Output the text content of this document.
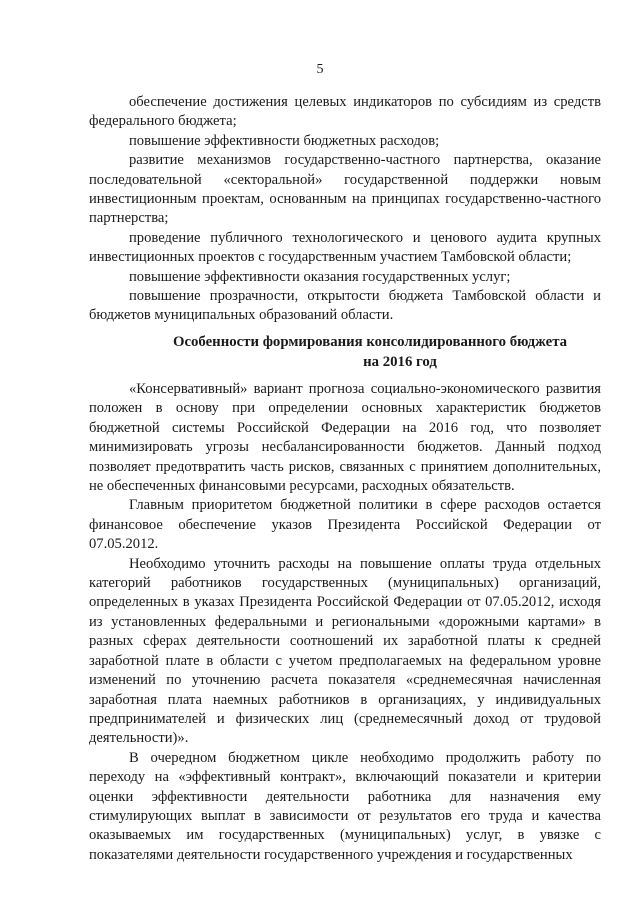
5

обеспечение достижения целевых индикаторов по субсидиям из средств федерального бюджета;

повышение эффективности бюджетных расходов;

развитие механизмов государственно-частного партнерства, оказание последовательной «секторальной» государственной поддержки новым инвестиционным проектам, основанным на принципах государственно-частного партнерства;

проведение публичного технологического и ценового аудита крупных инвестиционных проектов с государственным участием Тамбовской области;

повышение эффективности оказания государственных услуг;

повышение прозрачности, открытости бюджета Тамбовской области и бюджетов муниципальных образований области.

Особенности формирования консолидированного бюджета
на 2016 год

«Консервативный» вариант прогноза социально-экономического развития положен в основу при определении основных характеристик бюджетов бюджетной системы Российской Федерации на 2016 год, что позволяет минимизировать угрозы несбалансированности бюджетов. Данный подход позволяет предотвратить часть рисков, связанных с принятием дополнительных, не обеспеченных финансовыми ресурсами, расходных обязательств.

Главным приоритетом бюджетной политики в сфере расходов остается финансовое обеспечение указов Президента Российской Федерации от 07.05.2012.

Необходимо уточнить расходы на повышение оплаты труда отдельных категорий работников государственных (муниципальных) организаций, определенных в указах Президента Российской Федерации от 07.05.2012, исходя из установленных федеральными и региональными «дорожными картами» в разных сферах деятельности соотношений их заработной платы к средней заработной плате в области с учетом предполагаемых на федеральном уровне изменений по уточнению расчета показателя «среднемесячная начисленная заработная плата наемных работников в организациях, у индивидуальных предпринимателей и физических лиц (среднемесячный доход от трудовой деятельности)».

В очередном бюджетном цикле необходимо продолжить работу по переходу на «эффективный контракт», включающий показатели и критерии оценки эффективности деятельности работника для назначения ему стимулирующих выплат в зависимости от результатов его труда и качества оказываемых им государственных (муниципальных) услуг, в увязке с показателями деятельности государственного учреждения и государственных
